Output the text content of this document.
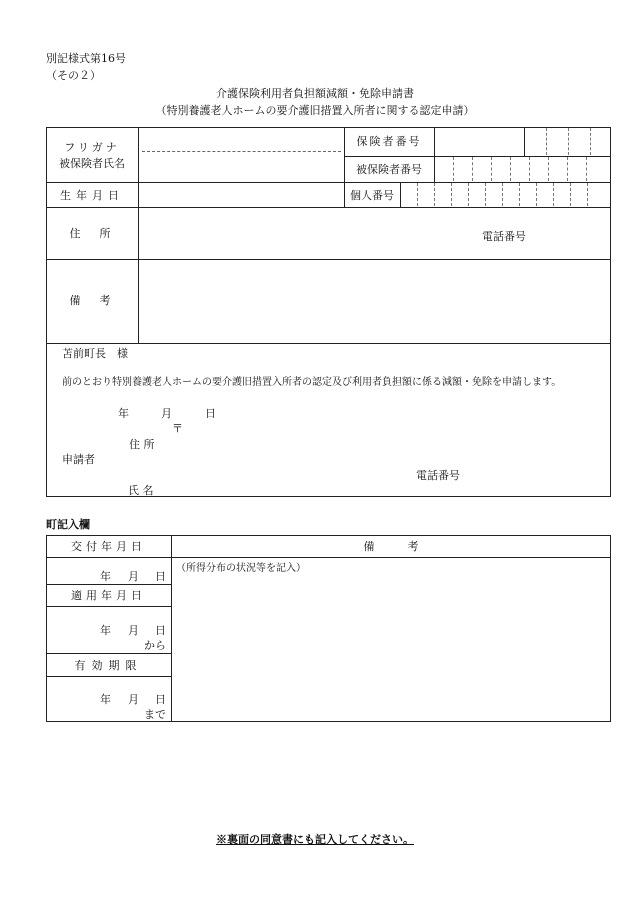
別記様式第16号
（その２）
介護保険利用者負担額減額・免除申請書
（特別養護老人ホームの要介護旧措置入所者に関する認定申請）
フリガナ
被保険者氏名
保険者番号
被保険者番号
生年月日	個人番号
住　所	電話番号
備　考
苫前町長　様
前のとおり特別養護老人ホームの要介護旧措置入所者の認定及び利用者負担額に係る減額・免除を申請します。
年	月	日
〒
住 所
申請者
電話番号
氏 名
町記入欄
交付年月日	備　　　考
（所得分布の状況等を記入）
年 月 日
適用年月日
年 月 日
から
有効期限
年 月 日
まで
※裏面の同意書にも記入してください。
